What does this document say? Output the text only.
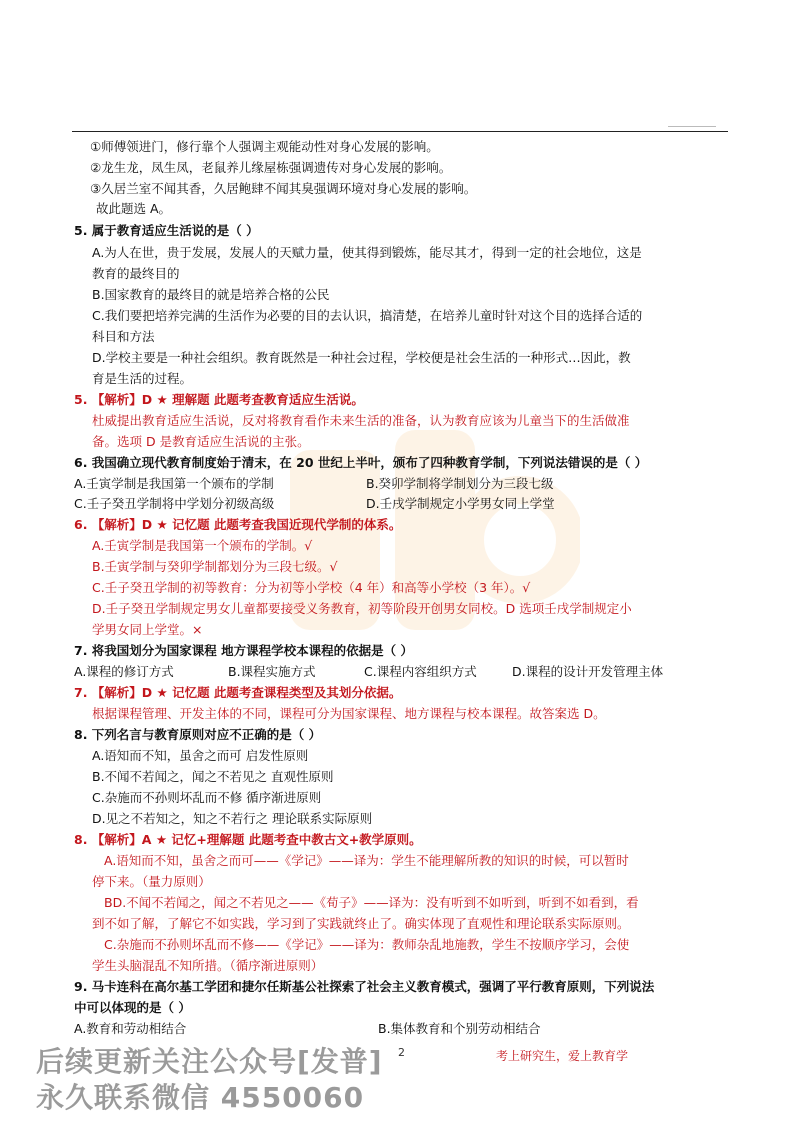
①师傅领进门，修行靠个人强调主观能动性对身心发展的影响。
②龙生龙，凤生凤，老鼠养儿缘屋栋强调遗传对身心发展的影响。
③久居兰室不闻其香，久居鲍肆不闻其臭强调环境对身心发展的影响。
故此题选 A。
5. 属于教育适应生活说的是（ ）
A.为人在世，贵于发展，发展人的天赋力量，使其得到锻炼，能尽其才，得到一定的社会地位，这是
教育的最终目的
B.国家教育的最终目的就是培养合格的公民
C.我们要把培养完满的生活作为必要的目的去认识，搞清楚，在培养儿童时针对这个目的选择合适的
科目和方法
D.学校主要是一种社会组织。教育既然是一种社会过程，学校便是社会生活的一种形式…因此，教
育是生活的过程。
5. 【解析】D ★ 理解题 此题考查教育适应生活说。
杜威提出教育适应生活说，反对将教育看作未来生活的准备，认为教育应该为儿童当下的生活做准
备。选项 D 是教育适应生活说的主张。
6. 我国确立现代教育制度始于清末，在 20 世纪上半叶，颁布了四种教育学制，下列说法错误的是（ ）
A.壬寅学制是我国第一个颁布的学制	B.癸卯学制将学制划分为三段七级
C.壬子癸丑学制将中学划分初级高级	D.壬戌学制规定小学男女同上学堂
6. 【解析】D ★ 记忆题 此题考查我国近现代学制的体系。
A.壬寅学制是我国第一个颁布的学制。√
B.壬寅学制与癸卯学制都划分为三段七级。√
C.壬子癸丑学制的初等教育：分为初等小学校（4 年）和高等小学校（3 年）。√
D.壬子癸丑学制规定男女儿童都要接受义务教育，初等阶段开创男女同校。D 选项壬戌学制规定小
学男女同上学堂。×
7. 将我国划分为国家课程 地方课程学校本课程的依据是（ ）
A.课程的修订方式	B.课程实施方式	C.课程内容组织方式	D.课程的设计开发管理主体
7. 【解析】D ★ 记忆题 此题考查课程类型及其划分依据。
根据课程管理、开发主体的不同，课程可分为国家课程、地方课程与校本课程。故答案选 D。
8. 下列名言与教育原则对应不正确的是（ ）
A.语知而不知，虽舍之而可 启发性原则
B.不闻不若闻之，闻之不若见之 直观性原则
C.杂施而不孙则坏乱而不修 循序渐进原则
D.见之不若知之，知之不若行之 理论联系实际原则
8. 【解析】A ★ 记忆+理解题 此题考查中教古文+教学原则。
A.语知而不知，虽舍之而可——《学记》——译为：学生不能理解所教的知识的时候，可以暂时
停下来。（量力原则）
BD.不闻不若闻之，闻之不若见之——《荀子》——译为：没有听到不如听到，听到不如看到，看
到不如了解，了解它不如实践，学习到了实践就终止了。确实体现了直观性和理论联系实际原则。
C.杂施而不孙则坏乱而不修——《学记》——译为：教师杂乱地施教，学生不按顺序学习，会使
学生头脑混乱不知所措。（循序渐进原则）
9. 马卡连科在高尔基工学团和捷尔任斯基公社探索了社会主义教育模式，强调了平行教育原则，下列说法
中可以体现的是（ ）
A.教育和劳动相结合	B.集体教育和个别劳动相结合
2	考上研究生，爱上教育学
后续更新关注公众号[发普]
永久联系微信 4550060
